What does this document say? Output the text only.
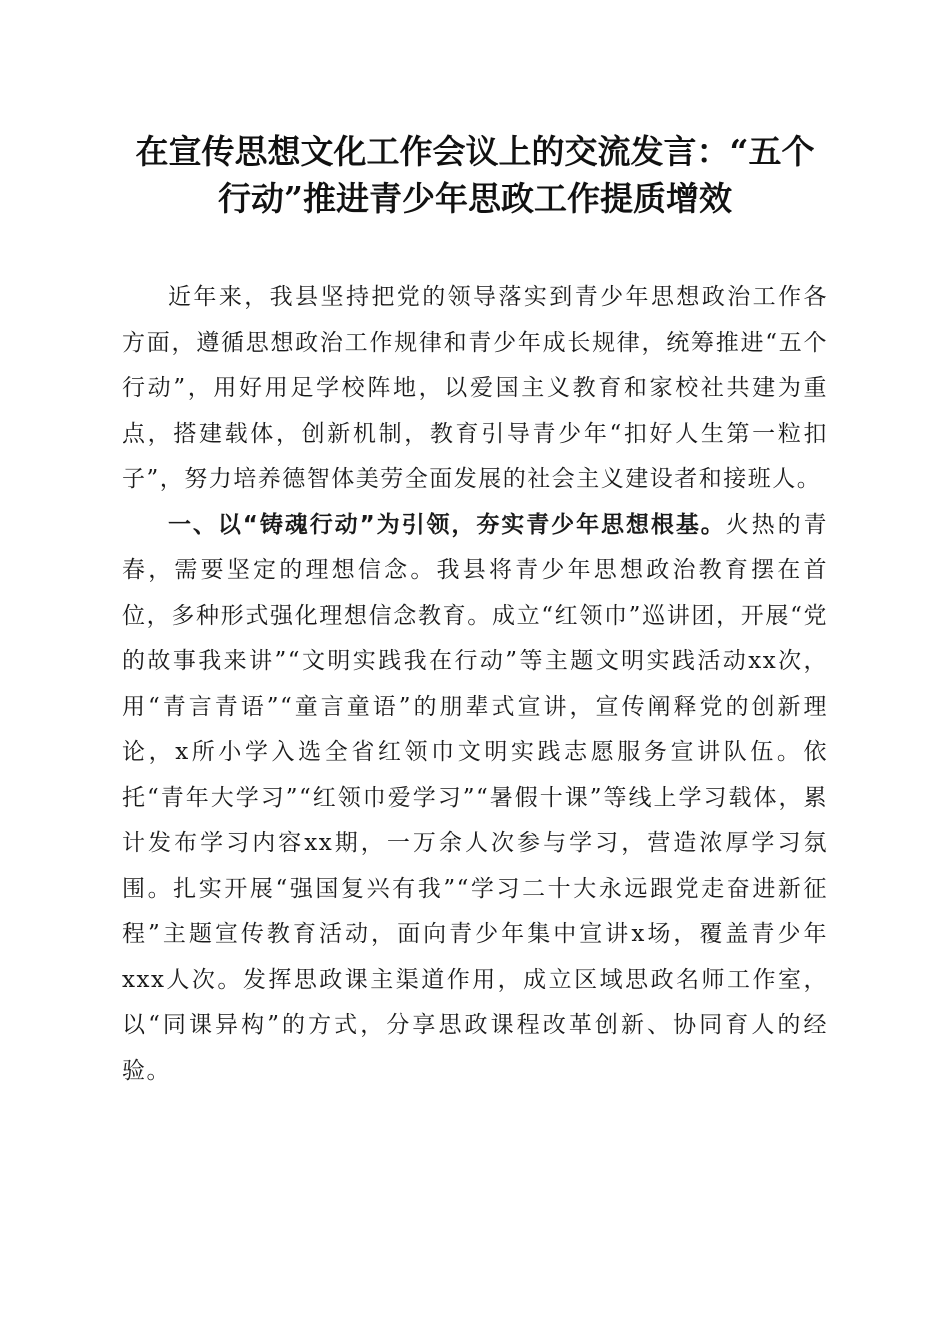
在宣传思想文化工作会议上的交流发言：“五个行动”推进青少年思政工作提质增效

近年来，我县坚持把党的领导落实到青少年思想政治工作各方面，遵循思想政治工作规律和青少年成长规律，统筹推进“五个行动”，用好用足学校阵地，以爱国主义教育和家校社共建为重点，搭建载体，创新机制，教育引导青少年“扣好人生第一粒扣子”，努力培养德智体美劳全面发展的社会主义建设者和接班人。

一、以“铸魂行动”为引领，夯实青少年思想根基。火热的青春，需要坚定的理想信念。我县将青少年思想政治教育摆在首位，多种形式强化理想信念教育。成立“红领巾”巡讲团，开展“党的故事我来讲”“文明实践我在行动”等主题文明实践活动xx次，用“青言青语”“童言童语”的朋辈式宣讲，宣传阐释党的创新理论，x所小学入选全省红领巾文明实践志愿服务宣讲队伍。依托“青年大学习”“红领巾爱学习”“暑假十课”等线上学习载体，累计发布学习内容xx期，一万余人次参与学习，营造浓厚学习氛围。扎实开展“强国复兴有我”“学习二十大永远跟党走奋进新征程”主题宣传教育活动，面向青少年集中宣讲x场，覆盖青少年xxx人次。发挥思政课主渠道作用，成立区域思政名师工作室，以“同课异构”的方式，分享思政课程改革创新、协同育人的经验。
